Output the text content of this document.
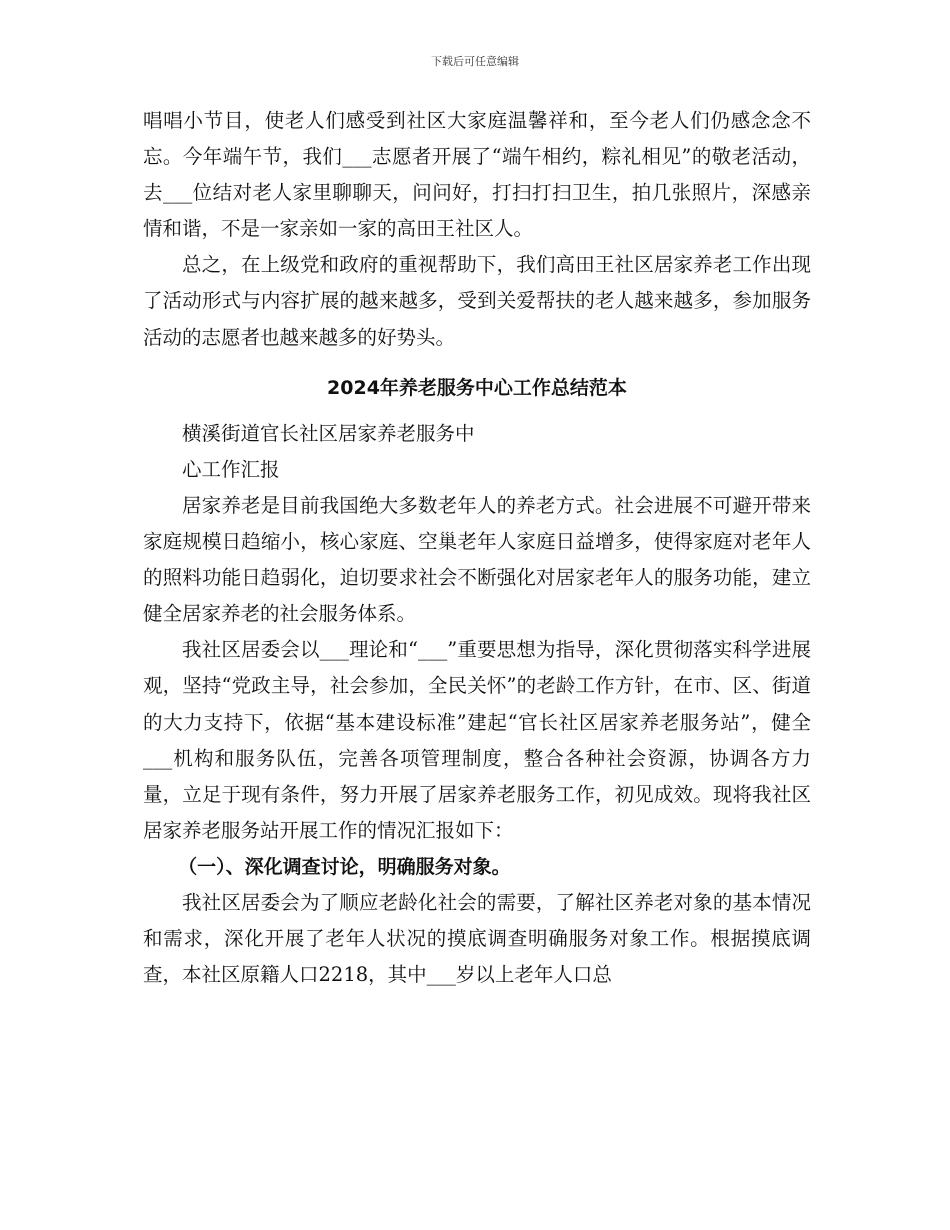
下载后可任意编辑

唱唱小节目，使老人们感受到社区大家庭温馨祥和，至今老人们仍感念念不忘。今年端午节，我们___志愿者开展了“端午相约，粽礼相见”的敬老活动，去___位结对老人家里聊聊天，问问好，打扫打扫卫生，拍几张照片，深感亲情和谐，不是一家亲如一家的高田王社区人。

总之，在上级党和政府的重视帮助下，我们高田王社区居家养老工作出现了活动形式与内容扩展的越来越多，受到关爱帮扶的老人越来越多，参加服务活动的志愿者也越来越多的好势头。

2024年养老服务中心工作总结范本

横溪街道官长社区居家养老服务中

心工作汇报

居家养老是目前我国绝大多数老年人的养老方式。社会进展不可避开带来家庭规模日趋缩小，核心家庭、空巢老年人家庭日益增多，使得家庭对老年人的照料功能日趋弱化，迫切要求社会不断强化对居家老年人的服务功能，建立健全居家养老的社会服务体系。

我社区居委会以___理论和“___”重要思想为指导，深化贯彻落实科学进展观，坚持“党政主导，社会参加，全民关怀”的老龄工作方针，在市、区、街道的大力支持下，依据“基本建设标准”建起“官长社区居家养老服务站”，健全___机构和服务队伍，完善各项管理制度，整合各种社会资源，协调各方力量，立足于现有条件，努力开展了居家养老服务工作，初见成效。现将我社区居家养老服务站开展工作的情况汇报如下：

（一）、深化调查讨论，明确服务对象。

我社区居委会为了顺应老龄化社会的需要，了解社区养老对象的基本情况和需求，深化开展了老年人状况的摸底调查明确服务对象工作。根据摸底调查，本社区原籍人口2218，其中___岁以上老年人口总
